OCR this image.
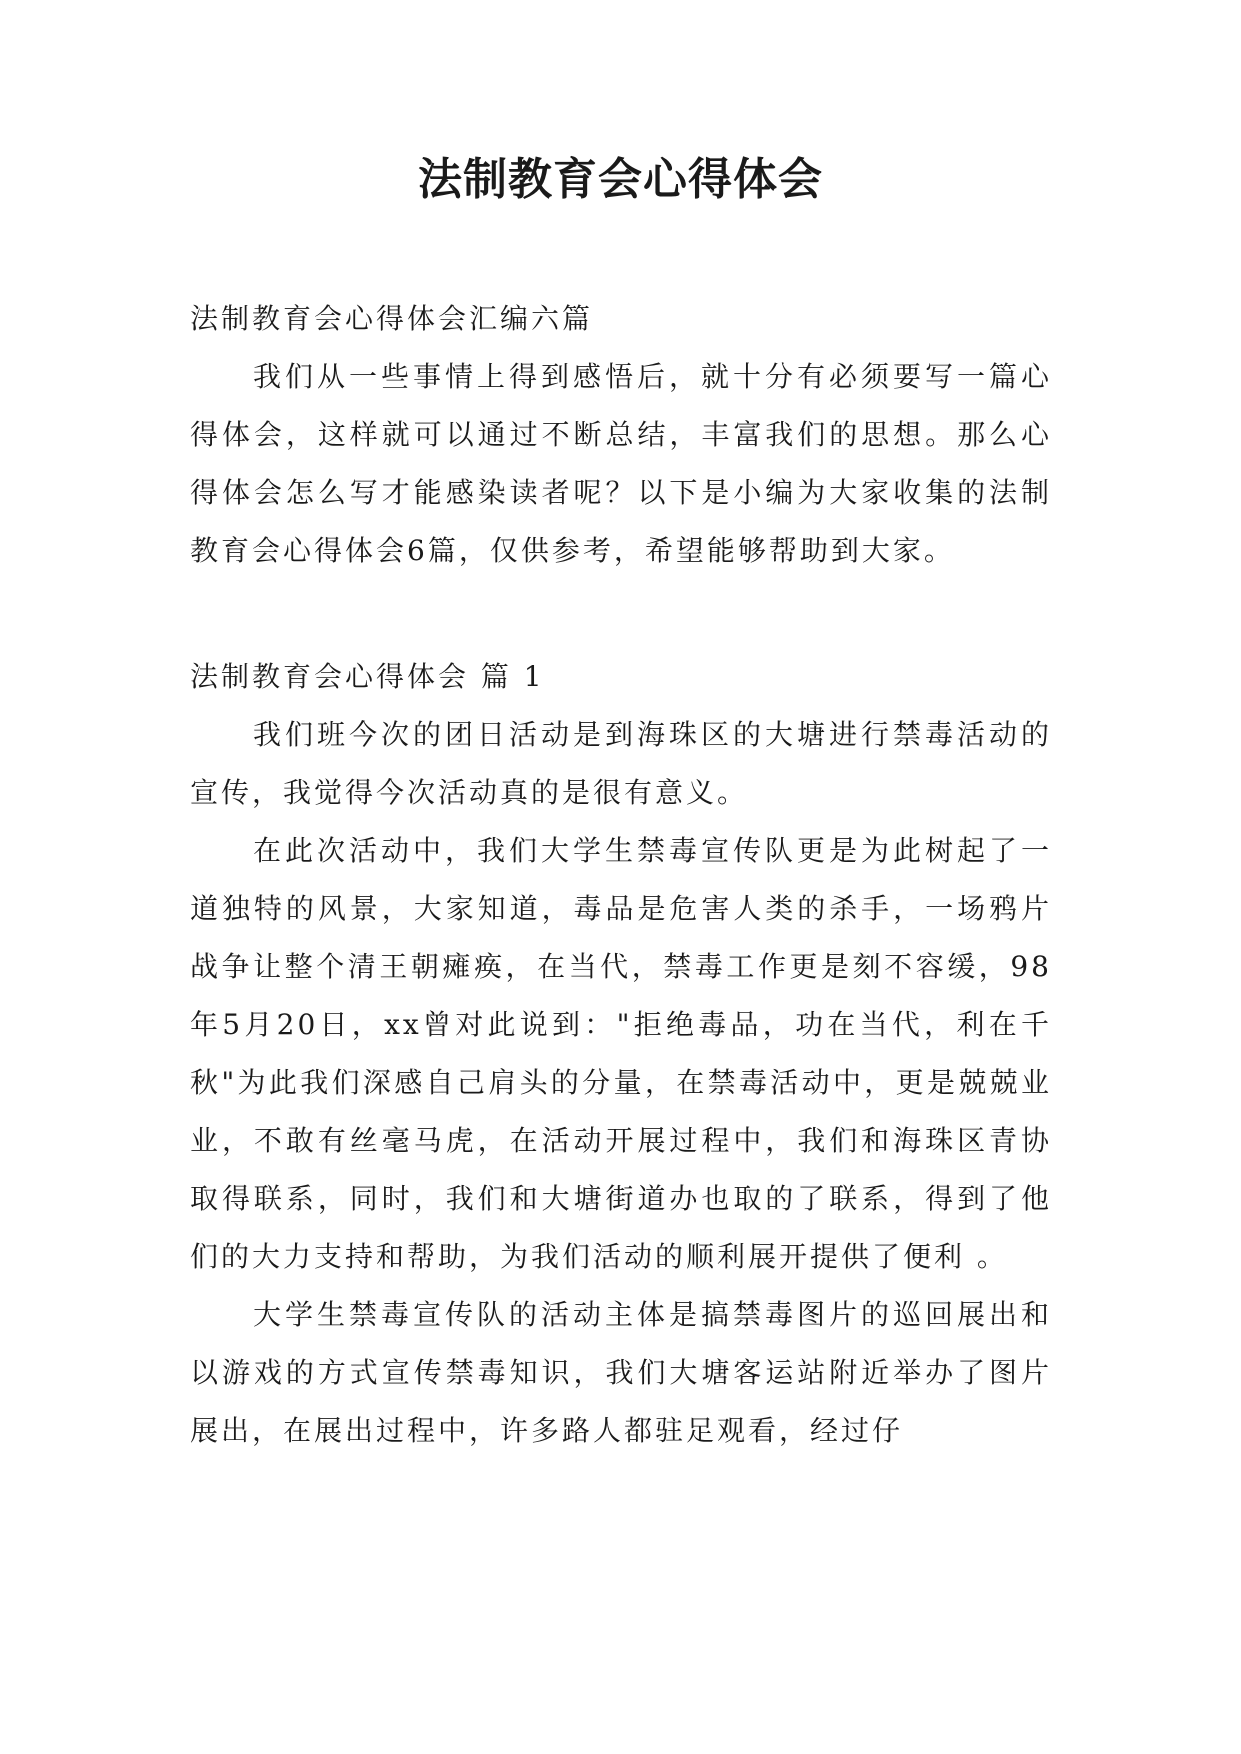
法制教育会心得体会

法制教育会心得体会汇编六篇

我们从一些事情上得到感悟后，就十分有必须要写一篇心得体会，这样就可以通过不断总结，丰富我们的思想。那么心得体会怎么写才能感染读者呢？以下是小编为大家收集的法制教育会心得体会6篇，仅供参考，希望能够帮助到大家。

法制教育会心得体会 篇 1

我们班今次的团日活动是到海珠区的大塘进行禁毒活动的宣传，我觉得今次活动真的是很有意义。

在此次活动中，我们大学生禁毒宣传队更是为此树起了一道独特的风景，大家知道，毒品是危害人类的杀手，一场鸦片战争让整个清王朝瘫痪，在当代，禁毒工作更是刻不容缓，98年5月20日，xx曾对此说到："拒绝毒品，功在当代，利在千秋"为此我们深感自己肩头的分量，在禁毒活动中，更是兢兢业业，不敢有丝毫马虎，在活动开展过程中，我们和海珠区青协取得联系，同时，我们和大塘街道办也取的了联系，得到了他们的大力支持和帮助，为我们活动的顺利展开提供了便利 。

大学生禁毒宣传队的活动主体是搞禁毒图片的巡回展出和以游戏的方式宣传禁毒知识，我们大塘客运站附近举办了图片展出，在展出过程中，许多路人都驻足观看，经过仔
